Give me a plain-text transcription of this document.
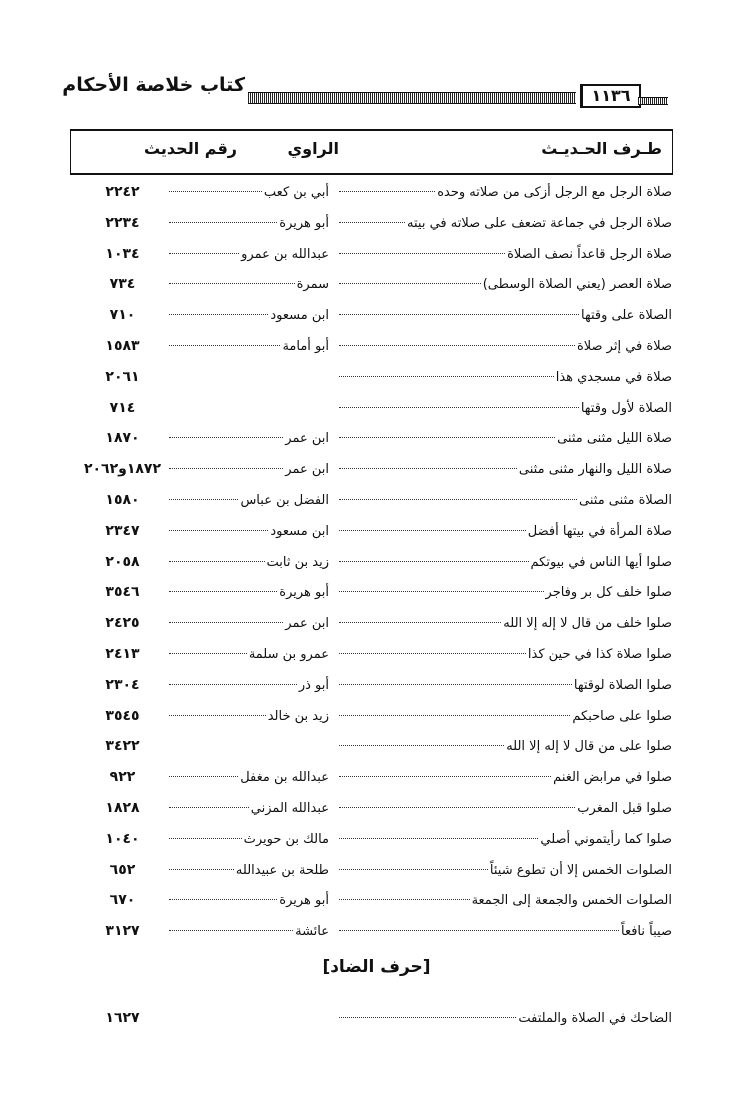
كتاب خلاصة الأحكام	١١٣٦
طـرف الحـديـث
الراوي
رقم الحديث
صلاة الرجل مع الرجل أزكى من صلاته وحده
أبي بن كعب
٢٢٤٢
صلاة الرجل في جماعة تضعف على صلاته في بيته
أبو هريرة
٢٢٣٤
صلاة الرجل قاعداً نصف الصلاة
عبدالله بن عمرو
١٠٣٤
صلاة العصر (يعني الصلاة الوسطى)
سمرة
٧٣٤
الصلاة على وقتها
ابن مسعود
٧١٠
صلاة في إثر صلاة
أبو أمامة
١٥٨٣
صلاة في مسجدي هذا
٢٠٦١
الصلاة لأول وقتها
٧١٤
صلاة الليل مثنى مثنى
ابن عمر
١٨٧٠
صلاة الليل والنهار مثنى مثنى
ابن عمر
١٨٧٢و٢٠٦٢
الصلاة مثنى مثنى
الفضل بن عباس
١٥٨٠
صلاة المرأة في بيتها أفضل
ابن مسعود
٢٣٤٧
صلوا أيها الناس في بيوتكم
زيد بن ثابت
٢٠٥٨
صلوا خلف كل بر وفاجر
أبو هريرة
٣٥٤٦
صلوا خلف من قال لا إله إلا الله
ابن عمر
٢٤٢٥
صلوا صلاة كذا في حين كذا
عمرو بن سلمة
٢٤١٣
صلوا الصلاة لوقتها
أبو ذر
٢٣٠٤
صلوا على صاحبكم
زيد بن خالد
٣٥٤٥
صلوا على من قال لا إله إلا الله
٣٤٢٢
صلوا في مرابض الغنم
عبدالله بن مغفل
٩٢٢
صلوا قبل المغرب
عبدالله المزني
١٨٢٨
صلوا كما رأيتموني أصلي
مالك بن حويرث
١٠٤٠
الصلوات الخمس إلا أن تطوع شيئاً
طلحة بن عبيدالله
٦٥٢
الصلوات الخمس والجمعة إلى الجمعة
أبو هريرة
٦٧٠
صيباً نافعاً
عائشة
٣١٢٧
[حرف الضاد]
الضاحك في الصلاة والملتفت
١٦٢٧
